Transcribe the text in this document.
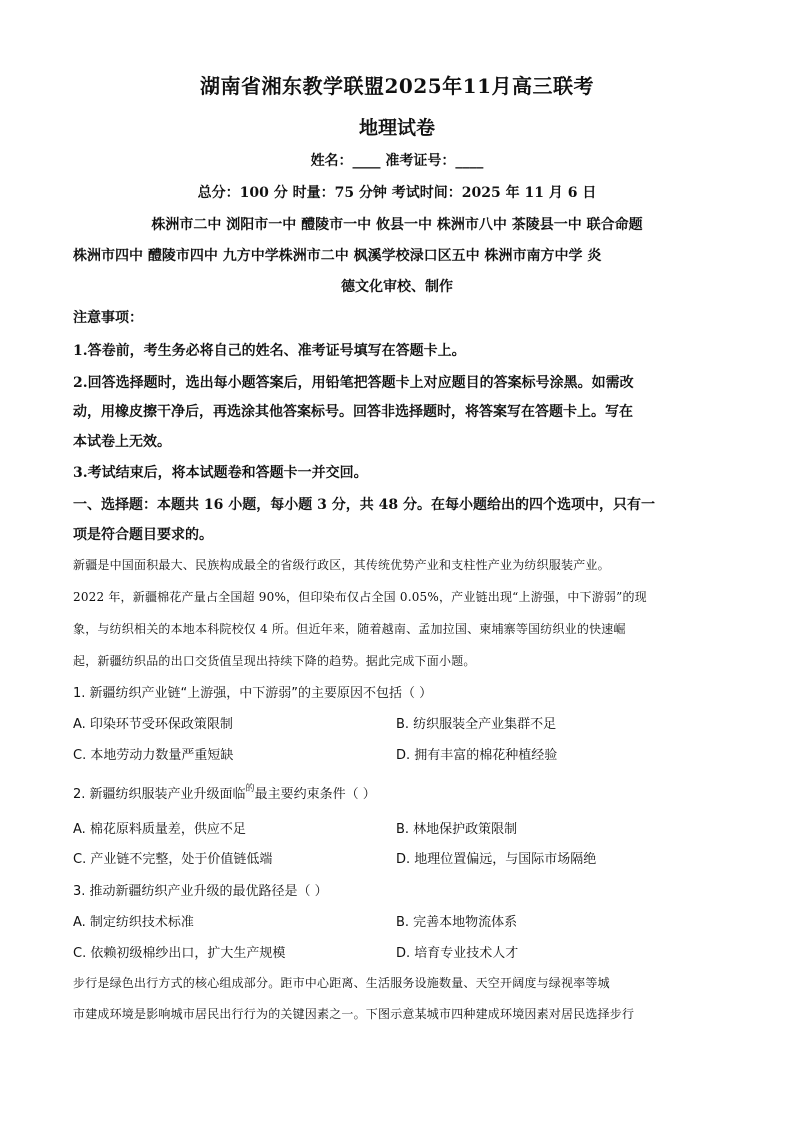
湖南省湘东教学联盟2025年11月高三联考
地理试卷
姓名：____ 准考证号：____
总分：100 分 时量：75 分钟 考试时间：2025 年 11 月 6 日
株洲市二中 浏阳市一中 醴陵市一中 攸县一中 株洲市八中 茶陵县一中 联合命题
株洲市四中 醴陵市四中 九方中学株洲市二中 枫溪学校渌口区五中 株洲市南方中学 炎
德文化审校、制作
注意事项：
1.答卷前，考生务必将自己的姓名、准考证号填写在答题卡上。
2.回答选择题时，选出每小题答案后，用铅笔把答题卡上对应题目的答案标号涂黑。如需改
动，用橡皮擦干净后，再选涂其他答案标号。回答非选择题时，将答案写在答题卡上。写在
本试卷上无效。
3.考试结束后，将本试题卷和答题卡一并交回。
一、选择题：本题共 16 小题，每小题 3 分，共 48 分。在每小题给出的四个选项中，只有一
项是符合题目要求的。
新疆是中国面积最大、民族构成最全的省级行政区，其传统优势产业和支柱性产业为纺织服装产业。
2022 年，新疆棉花产量占全国超 90%，但印染布仅占全国 0.05%，产业链出现“上游强，中下游弱”的现
象，与纺织相关的本地本科院校仅 4 所。但近年来，随着越南、孟加拉国、柬埔寨等国纺织业的快速崛
起，新疆纺织品的出口交货值呈现出持续下降的趋势。据此完成下面小题。
1. 新疆纺织产业链“上游强，中下游弱”的主要原因不包括（ ）
A. 印染环节受环保政策限制	B. 纺织服装全产业集群不足
C. 本地劳动力数量严重短缺	D. 拥有丰富的棉花种植经验
2. 新疆纺织服装产业升级面临$^的$最主要约束条件（ ）
A. 棉花原料质量差，供应不足	B. 林地保护政策限制
C. 产业链不完整，处于价值链低端	D. 地理位置偏远，与国际市场隔绝
3. 推动新疆纺织产业升级的最优路径是（ ）
A. 制定纺织技术标准	B. 完善本地物流体系
C. 依赖初级棉纱出口，扩大生产规模	D. 培育专业技术人才
步行是绿色出行方式的核心组成部分。距市中心距离、生活服务设施数量、天空开阔度与绿视率等城
市建成环境是影响城市居民出行行为的关键因素之一。下图示意某城市四种建成环境因素对居民选择步行
